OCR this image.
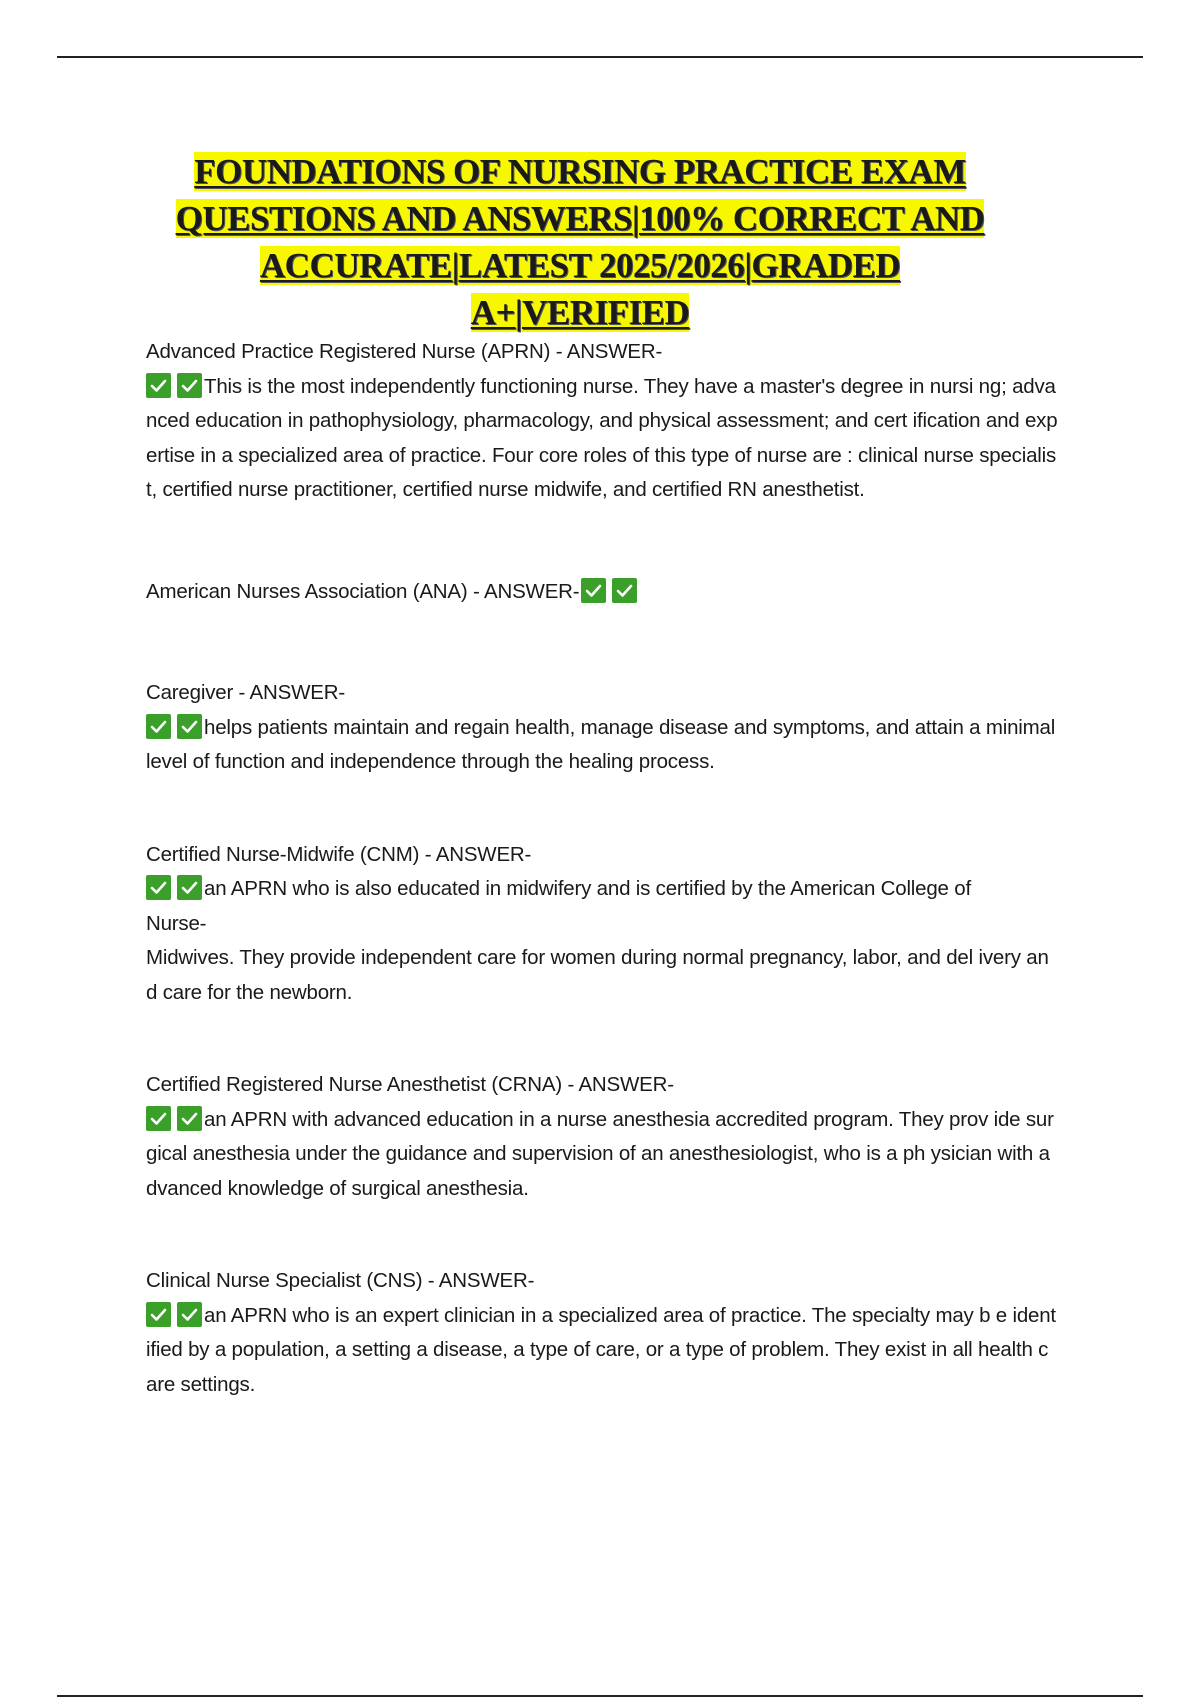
FOUNDATIONS OF NURSING PRACTICE EXAM
QUESTIONS AND ANSWERS|100% CORRECT AND
ACCURATE|LATEST 2025/2026|GRADED
A+|VERIFIED

Advanced Practice Registered Nurse (APRN) - ANSWER-

This is the most independently functioning nurse. They have a master's degree in nursi ng; advanced education in pathophysiology, pharmacology, and physical assessment; and cert ification and expertise in a specialized area of practice. Four core roles of this type of nurse are : clinical nurse specialist, certified nurse practitioner, certified nurse midwife, and certified RN anesthetist.

American Nurses Association (ANA) - ANSWER-

Caregiver - ANSWER-

helps patients maintain and regain health, manage disease and symptoms, and attain a minimal level of function and independence through the healing process.

Certified Nurse-Midwife (CNM) - ANSWER-

an APRN who is also educated in midwifery and is certified by the American College of

Nurse-

Midwives. They provide independent care for women during normal pregnancy, labor, and del ivery and care for the newborn.

Certified Registered Nurse Anesthetist (CRNA) - ANSWER-

an APRN with advanced education in a nurse anesthesia accredited program. They prov ide surgical anesthesia under the guidance and supervision of an anesthesiologist, who is a ph ysician with advanced knowledge of surgical anesthesia.

Clinical Nurse Specialist (CNS) - ANSWER-

an APRN who is an expert clinician in a specialized area of practice. The specialty may b e identified by a population, a setting a disease, a type of care, or a type of problem. They exist in all health care settings.
